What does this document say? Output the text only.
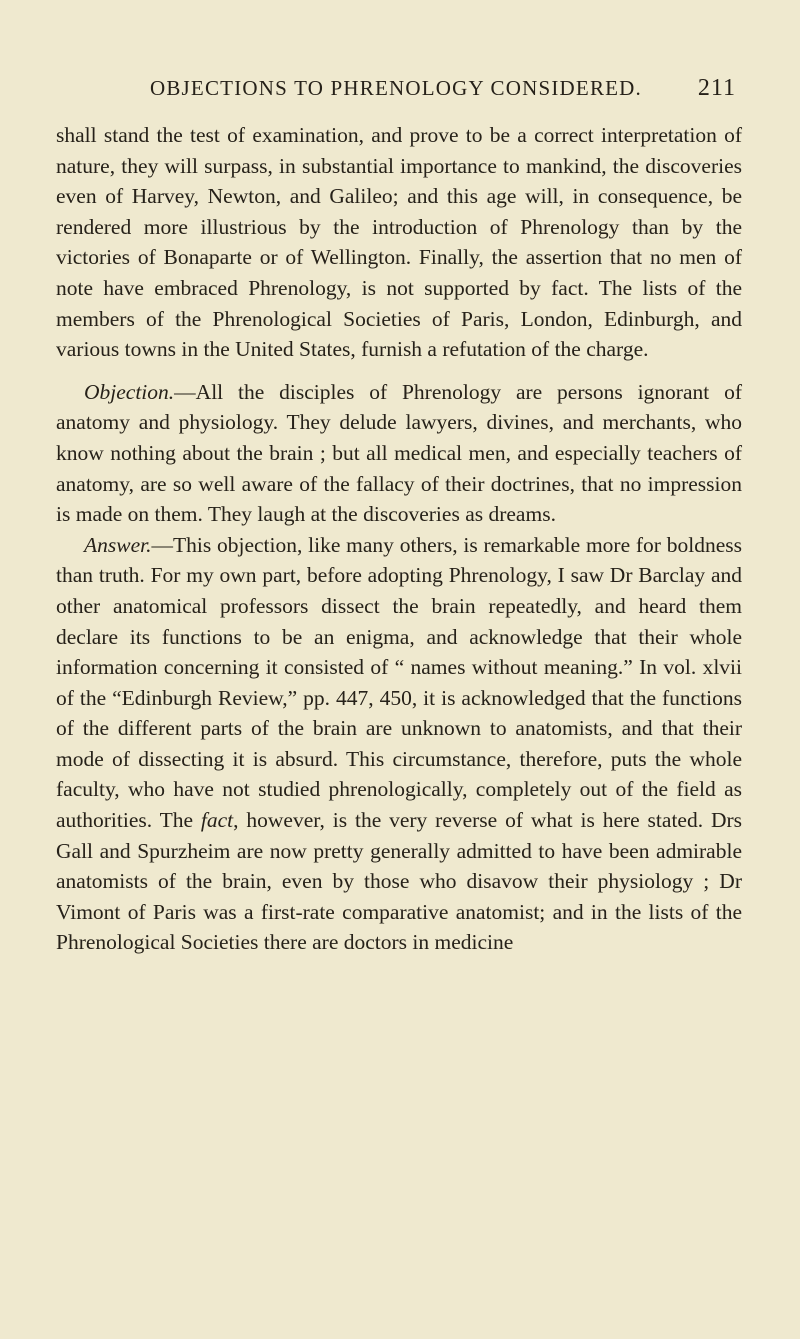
OBJECTIONS TO PHRENOLOGY CONSIDERED.	211

shall stand the test of examination, and prove to be a correct interpretation of nature, they will surpass, in substantial importance to mankind, the discoveries even of Harvey, Newton, and Galileo; and this age will, in consequence, be rendered more illustrious by the introduction of Phrenology than by the victories of Bonaparte or of Wellington. Finally, the assertion that no men of note have embraced Phrenology, is not supported by fact. The lists of the members of the Phrenological Societies of Paris, London, Edinburgh, and various towns in the United States, furnish a refutation of the charge.

Objection.—All the disciples of Phrenology are persons ignorant of anatomy and physiology. They delude lawyers, divines, and merchants, who know nothing about the brain ; but all medical men, and especially teachers of anatomy, are so well aware of the fallacy of their doctrines, that no impression is made on them. They laugh at the discoveries as dreams.

Answer.—This objection, like many others, is remarkable more for boldness than truth. For my own part, before adopting Phrenology, I saw Dr Barclay and other anatomical professors dissect the brain repeatedly, and heard them declare its functions to be an enigma, and acknowledge that their whole information concerning it consisted of “ names without meaning.” In vol. xlvii of the “Edinburgh Review,” pp. 447, 450, it is acknowledged that the functions of the different parts of the brain are unknown to anatomists, and that their mode of dissecting it is absurd. This circumstance, therefore, puts the whole faculty, who have not studied phrenologically, completely out of the field as authorities. The fact, however, is the very reverse of what is here stated. Drs Gall and Spurzheim are now pretty generally admitted to have been admirable anatomists of the brain, even by those who disavow their physiology ; Dr Vimont of Paris was a first-rate comparative anatomist; and in the lists of the Phrenological Societies there are doctors in medicine
